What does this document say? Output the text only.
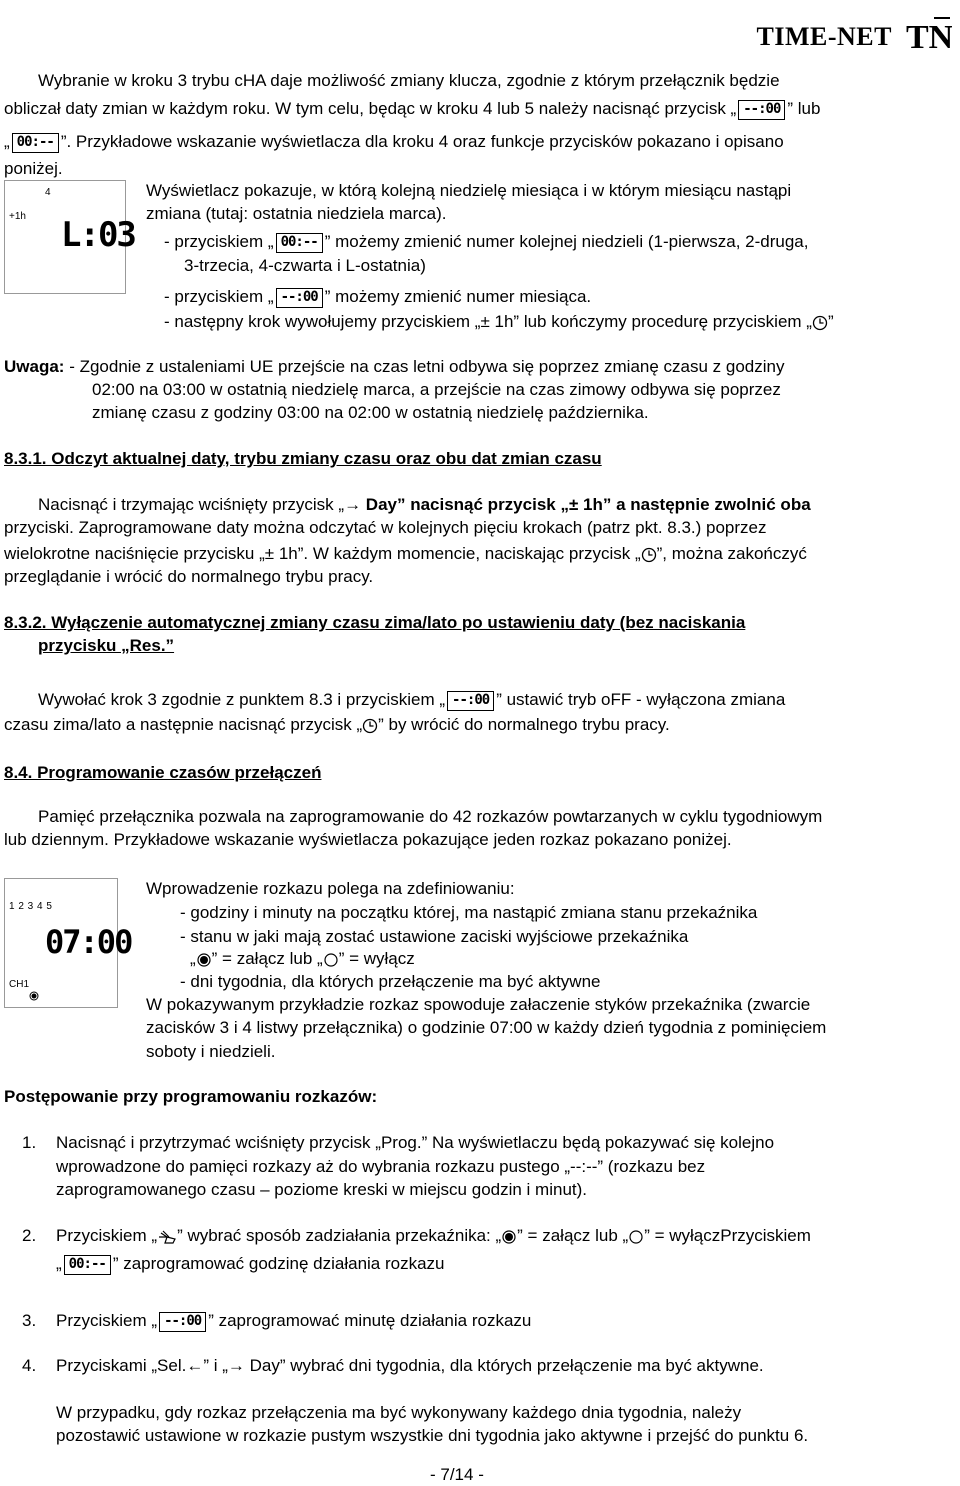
TIME-NET TN
Wybranie w kroku 3 trybu cHA daje możliwość zmiany klucza, zgodnie z którym przełącznik będzie
obliczał daty zmian w każdym roku. W tym celu, będąc w kroku 4 lub 5 należy nacisnąć przycisk „ --:00 ” lub
„ 00:-- ”. Przykładowe wskazanie wyświetlacza dla kroku 4 oraz funkcje przycisków pokazano i opisano
poniżej.
4
+1h L:03
Wyświetlacz pokazuje, w którą kolejną niedzielę miesiąca i w którym miesiącu nastąpi
zmiana (tutaj: ostatnia niedziela marca).
- przyciskiem „ 00:-- ” możemy zmienić numer kolejnej niedzieli (1-pierwsza, 2-druga,
3-trzecia, 4-czwarta i L-ostatnia)
- przyciskiem „ --:00 ” możemy zmienić numer miesiąca.
- następny krok wywołujemy przyciskiem „± 1h” lub kończymy procedurę przyciskiem „ ”
Uwaga: - Zgodnie z ustaleniami UE przejście na czas letni odbywa się poprzez zmianę czasu z godziny
02:00 na 03:00 w ostatnią niedzielę marca, a przejście na czas zimowy odbywa się poprzez
zmianę czasu z godziny 03:00 na 02:00 w ostatnią niedzielę października.
8.3.1. Odczyt aktualnej daty, trybu zmiany czasu oraz obu dat zmian czasu
Nacisnąć i trzymając wciśnięty przycisk „→ Day” nacisnąć przycisk „± 1h” a następnie zwolnić oba
przyciski. Zaprogramowane daty można odczytać w kolejnych pięciu krokach (patrz pkt. 8.3.) poprzez
wielokrotne naciśnięcie przycisku „± 1h”. W każdym momencie, naciskając przycisk „ ”, można zakończyć
przeglądanie i wrócić do normalnego trybu pracy.
8.3.2. Wyłączenie automatycznej zmiany czasu zima/lato po ustawieniu daty (bez naciskania
przycisku „Res.”
Wywołać krok 3 zgodnie z punktem 8.3 i przyciskiem „ --:00 ” ustawić tryb oFF - wyłączona zmiana
czasu zima/lato a następnie nacisnąć przycisk „ ” by wrócić do normalnego trybu pracy.
8.4. Programowanie czasów przełączeń
Pamięć przełącznika pozwala na zaprogramowanie do 42 rozkazów powtarzanych w cyklu tygodniowym
lub dziennym. Przykładowe wskazanie wyświetlacza pokazujące jeden rozkaz pokazano poniżej.
1 2 3 4 5
07:00
CH1
Wprowadzenie rozkazu polega na zdefiniowaniu:
- godziny i minuty na początku której, ma nastąpić zmiana stanu przekaźnika
- stanu w jaki mają zostać ustawione zaciski wyjściowe przekaźnika
„ ” = załącz lub „ ” = wyłącz
- dni tygodnia, dla których przełączenie ma być aktywne
W pokazywanym przykładzie rozkaz spowoduje załaczenie styków przekaźnika (zwarcie
zacisków 3 i 4 listwy przełącznika) o godzinie 07:00 w każdy dzień tygodnia z pominięciem
soboty i niedzieli.
Postępowanie przy programowaniu rozkazów:
1. Nacisnąć i przytrzymać wciśnięty przycisk „Prog.” Na wyświetlaczu będą pokazywać się kolejno
wprowadzone do pamięci rozkazy aż do wybrania rozkazu pustego „--:--” (rozkazu bez
zaprogramowanego czasu – poziome kreski w miejscu godzin i minut).
2. Przyciskiem „ ” wybrać sposób zadziałania przekaźnika: „ ” = załącz lub „ ” = wyłączPrzyciskiem
„ 00:-- ” zaprogramować godzinę działania rozkazu
3. Przyciskiem „ --:00 ” zaprogramować minutę działania rozkazu
4. Przyciskami „Sel.←” i „→ Day” wybrać dni tygodnia, dla których przełączenie ma być aktywne.
W przypadku, gdy rozkaz przełączenia ma być wykonywany każdego dnia tygodnia, należy
pozostawić ustawione w rozkazie pustym wszystkie dni tygodnia jako aktywne i przejść do punktu 6.
- 7/14 -
